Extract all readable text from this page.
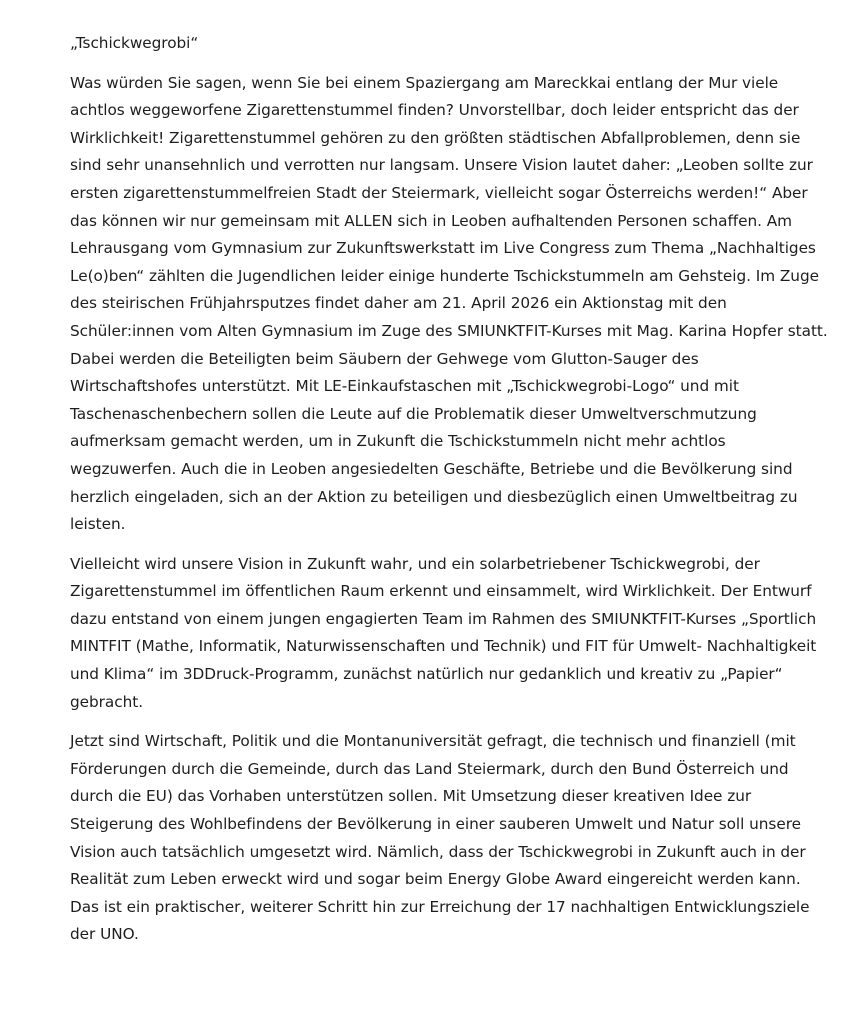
„Tschickwegrobi“

Was würden Sie sagen, wenn Sie bei einem Spaziergang am Mareckkai entlang der Mur viele achtlos weggeworfene Zigarettenstummel finden? Unvorstellbar, doch leider entspricht das der Wirklichkeit! Zigarettenstummel gehören zu den größten städtischen Abfallproblemen, denn sie sind sehr unansehnlich und verrotten nur langsam. Unsere Vision lautet daher: „Leoben sollte zur ersten zigarettenstummelfreien Stadt der Steiermark, vielleicht sogar Österreichs werden!“ Aber das können wir nur gemeinsam mit ALLEN sich in Leoben aufhaltenden Personen schaffen. Am Lehrausgang vom Gymnasium zur Zukunftswerkstatt im Live Congress zum Thema „Nachhaltiges Le(o)ben“ zählten die Jugendlichen leider einige hunderte Tschickstummeln am Gehsteig. Im Zuge des steirischen Frühjahrsputzes findet daher am 21. April 2026 ein Aktionstag mit den Schüler:innen vom Alten Gymnasium im Zuge des SMIUNKTFIT-Kurses mit Mag. Karina Hopfer statt. Dabei werden die Beteiligten beim Säubern der Gehwege vom Glutton-Sauger des Wirtschaftshofes unterstützt. Mit LE-Einkaufstaschen mit „Tschickwegrobi-Logo“ und mit Taschenaschenbechern sollen die Leute auf die Problematik dieser Umweltverschmutzung aufmerksam gemacht werden, um in Zukunft die Tschickstummeln nicht mehr achtlos wegzuwerfen. Auch die in Leoben angesiedelten Geschäfte, Betriebe und die Bevölkerung sind herzlich eingeladen, sich an der Aktion zu beteiligen und diesbezüglich einen Umweltbeitrag zu leisten.

Vielleicht wird unsere Vision in Zukunft wahr, und ein solarbetriebener Tschickwegrobi, der Zigarettenstummel im öffentlichen Raum erkennt und einsammelt, wird Wirklichkeit. Der Entwurf dazu entstand von einem jungen engagierten Team im Rahmen des SMIUNKTFIT-Kurses „Sportlich MINTFIT (Mathe, Informatik, Naturwissenschaften und Technik) und FIT für Umwelt- Nachhaltigkeit und Klima“ im 3DDruck-Programm, zunächst natürlich nur gedanklich und kreativ zu „Papier“ gebracht.

Jetzt sind Wirtschaft, Politik und die Montanuniversität gefragt, die technisch und finanziell (mit Förderungen durch die Gemeinde, durch das Land Steiermark, durch den Bund Österreich und durch die EU) das Vorhaben unterstützen sollen. Mit Umsetzung dieser kreativen Idee zur Steigerung des Wohlbefindens der Bevölkerung in einer sauberen Umwelt und Natur soll unsere Vision auch tatsächlich umgesetzt wird. Nämlich, dass der Tschickwegrobi in Zukunft auch in der Realität zum Leben erweckt wird und sogar beim Energy Globe Award eingereicht werden kann. Das ist ein praktischer, weiterer Schritt hin zur Erreichung der 17 nachhaltigen Entwicklungsziele der UNO.
